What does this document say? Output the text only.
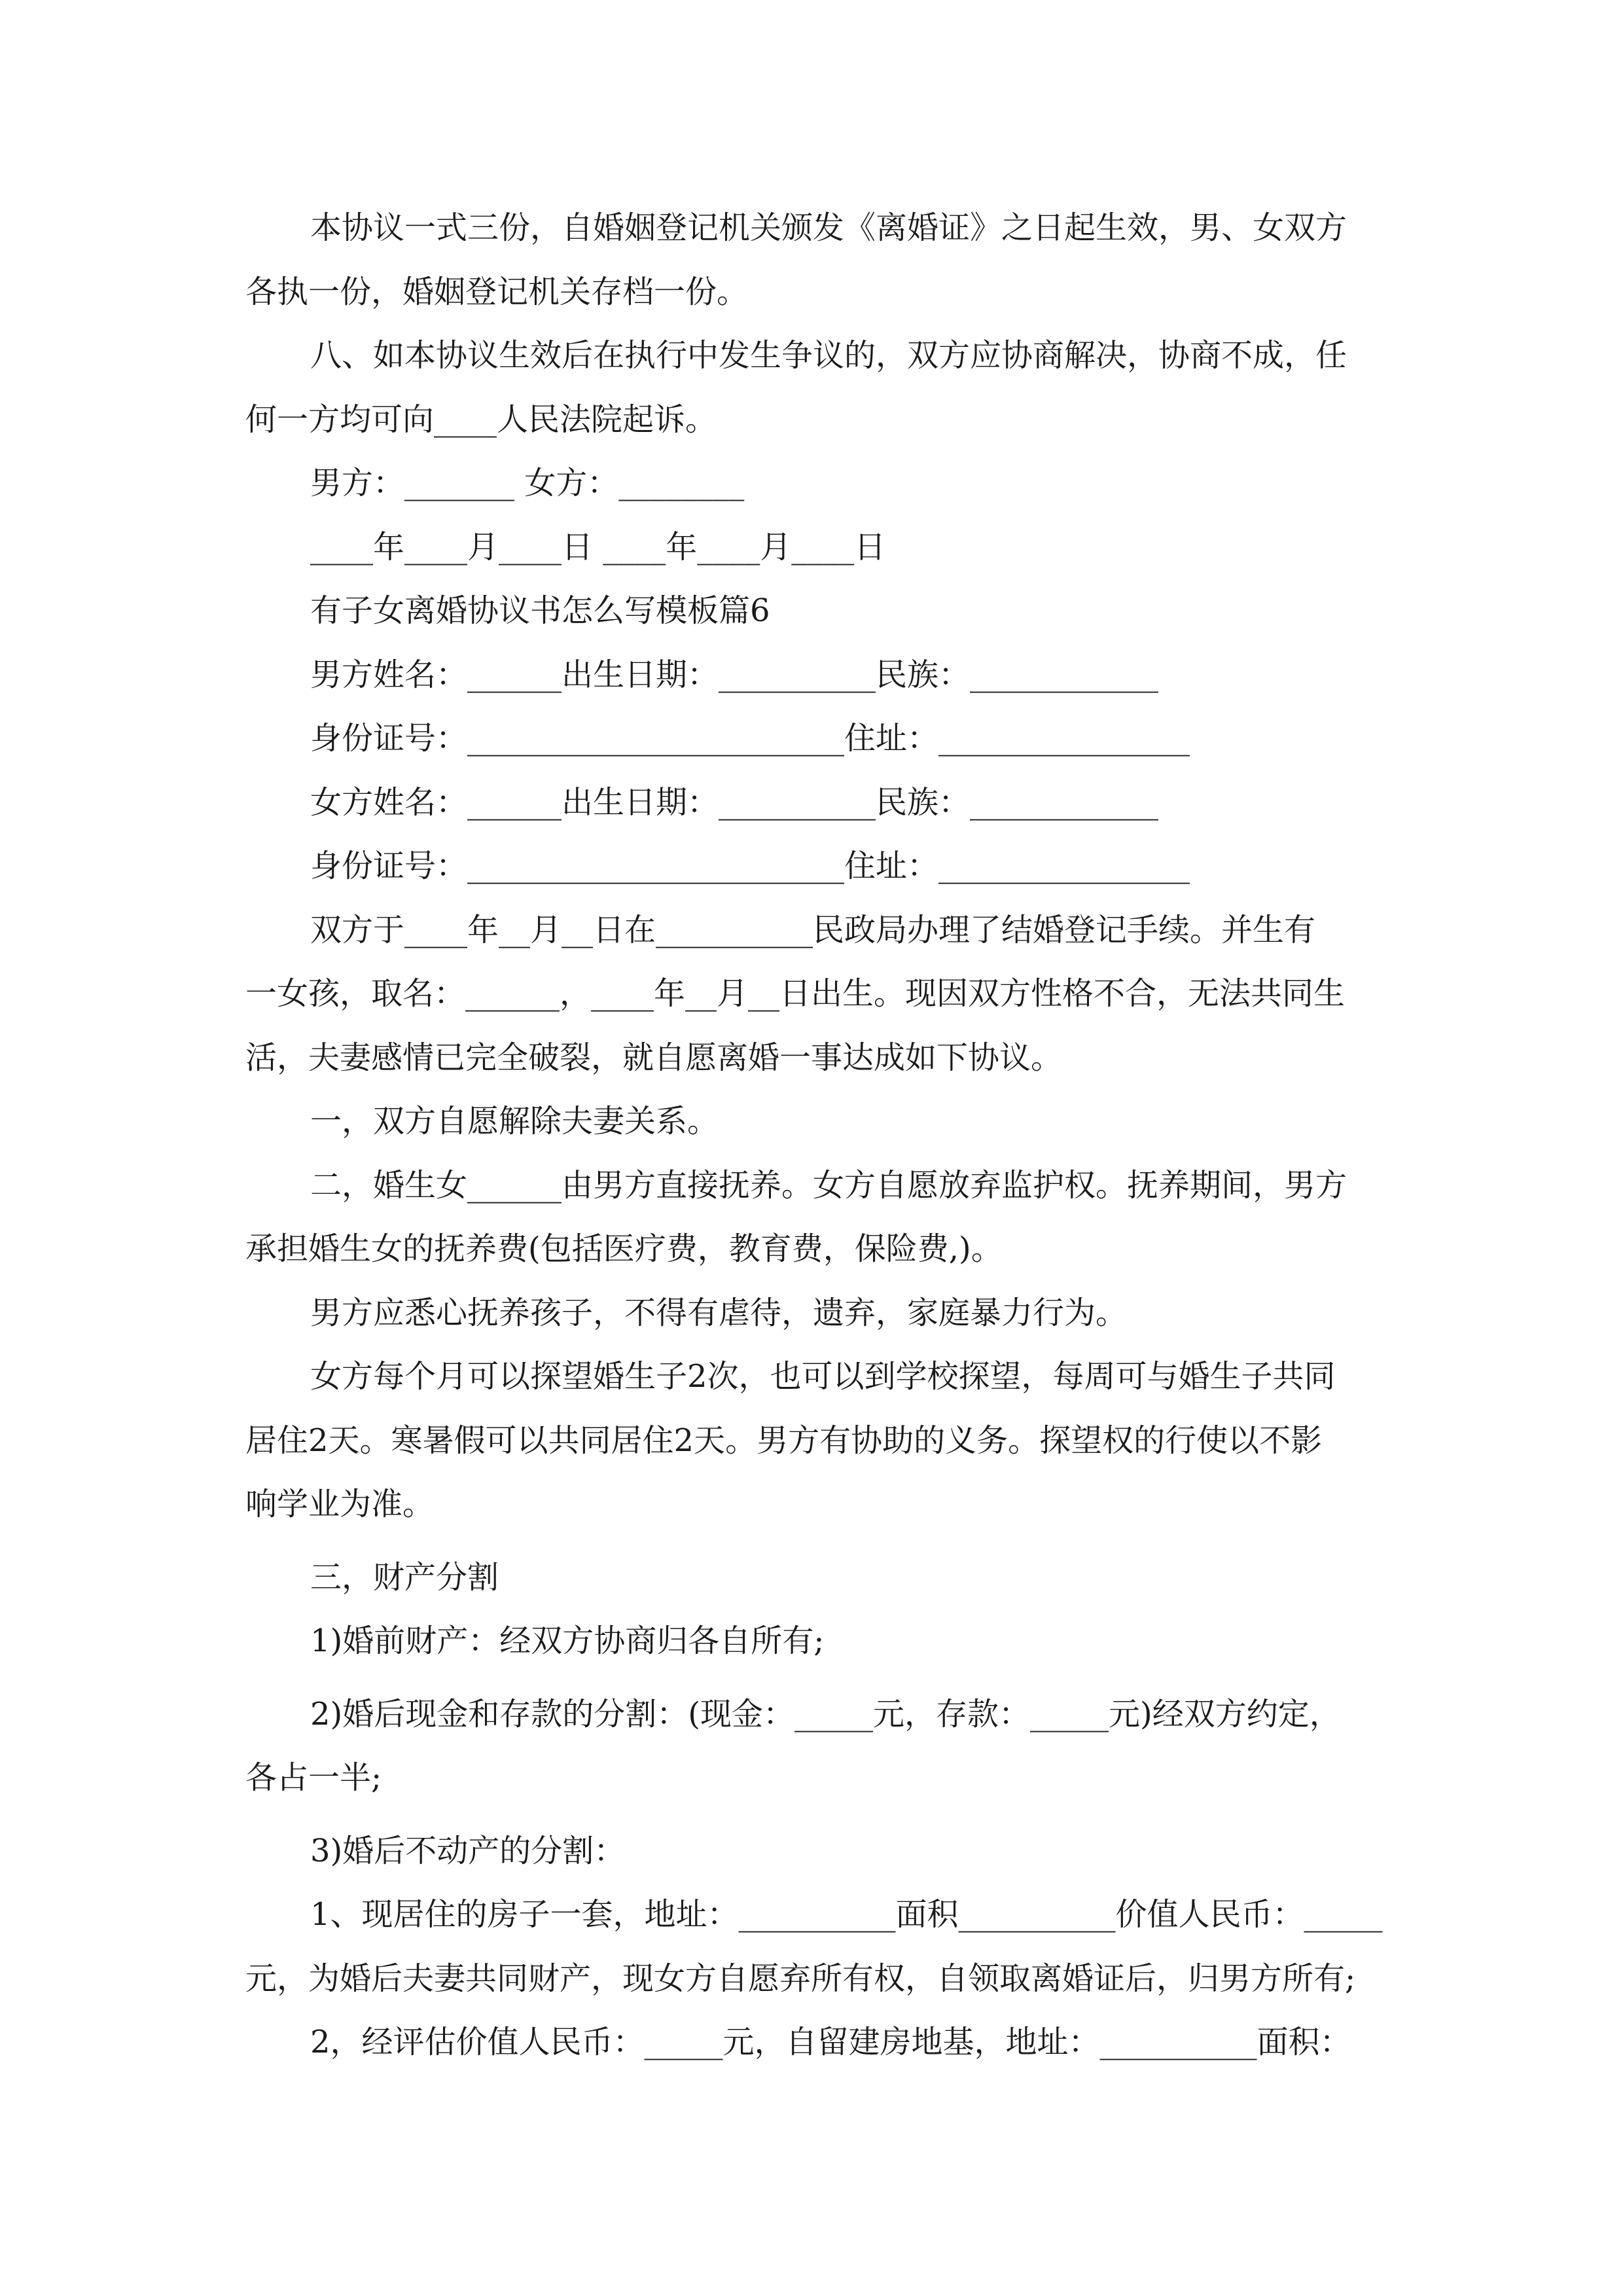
本协议一式三份，自婚姻登记机关颁发《离婚证》之日起生效，男、女双方
各执一份，婚姻登记机关存档一份。
八、如本协议生效后在执行中发生争议的，双方应协商解决，协商不成，任
何一方均可向____人民法院起诉。
男方：_______ 女方：________
____年____月____日 ____年____月____日
有子女离婚协议书怎么写模板篇6
男方姓名：______出生日期：__________民族：____________
身份证号：________________________住址：________________
女方姓名：______出生日期：__________民族：____________
身份证号：________________________住址：________________
双方于____年__月__日在__________民政局办理了结婚登记手续。并生有
一女孩，取名：______，____年__月__日出生。现因双方性格不合，无法共同生
活，夫妻感情已完全破裂，就自愿离婚一事达成如下协议。
一，双方自愿解除夫妻关系。
二，婚生女______由男方直接抚养。女方自愿放弃监护权。抚养期间，男方
承担婚生女的抚养费(包括医疗费，教育费，保险费,)。
男方应悉心抚养孩子，不得有虐待，遗弃，家庭暴力行为。
女方每个月可以探望婚生子2次，也可以到学校探望，每周可与婚生子共同
居住2天。寒暑假可以共同居住2天。男方有协助的义务。探望权的行使以不影
响学业为准。
三，财产分割
1)婚前财产：经双方协商归各自所有;
2)婚后现金和存款的分割：(现金：_____元，存款：_____元)经双方约定，
各占一半;
3)婚后不动产的分割：
1、现居住的房子一套，地址：__________面积__________价值人民币：_____
元，为婚后夫妻共同财产，现女方自愿弃所有权，自领取离婚证后，归男方所有;
2，经评估价值人民币：_____元，自留建房地基，地址：__________面积：
